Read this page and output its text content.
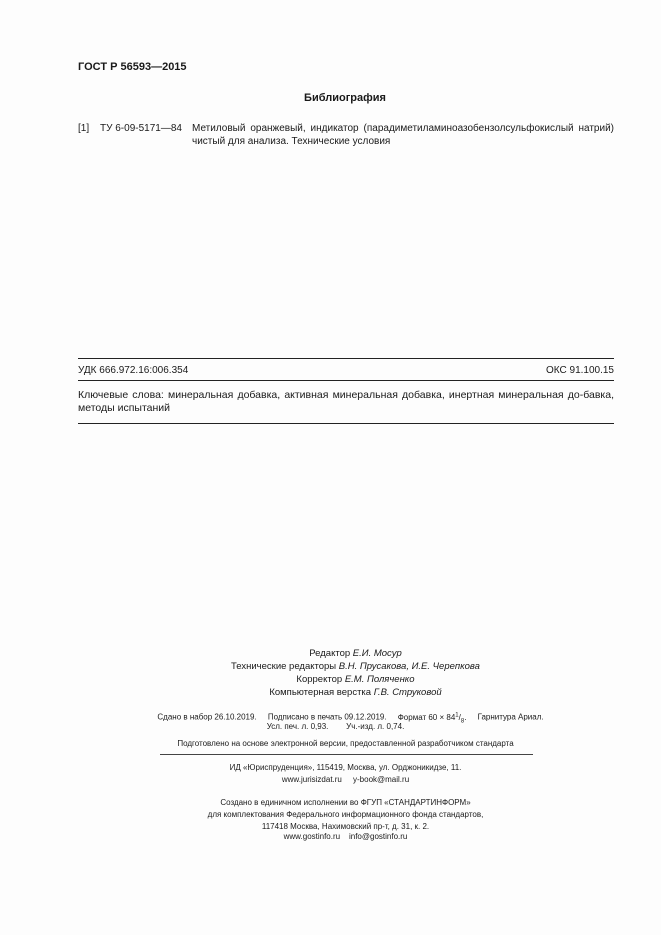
ГОСТ Р 56593—2015
Библиография
[1] ТУ 6-09-5171—84 Метиловый оранжевый, индикатор (парадиметиламиноазобензолсульфокислый натрий) чистый для анализа. Технические условия
УДК 666.972.16:006.354	ОКС 91.100.15
Ключевые слова: минеральная добавка, активная минеральная добавка, инертная минеральная до-бавка, методы испытаний
Редактор Е.И. Мосур
Технические редакторы В.Н. Прусакова, И.Е. Черепкова
Корректор Е.М. Поляченко
Компьютерная верстка Г.В. Струковой
Сдано в набор 26.10.2019. Подписано в печать 09.12.2019. Формат $60 \times 84^1/_8$. Гарнитура Ариал.
Усл. печ. л. 0,93. Уч.-изд. л. 0,74.
Подготовлено на основе электронной версии, предоставленной разработчиком стандарта
ИД «Юриспруденция», 115419, Москва, ул. Орджоникидзе, 11.
www.jurisizdat.ru y-book@mail.ru
Создано в единичном исполнении во ФГУП «СТАНДАРТИНФОРМ»
для комплектования Федерального информационного фонда стандартов,
117418 Москва, Нахимовский пр-т, д. 31, к. 2.
www.gostinfo.ru info@gostinfo.ru
